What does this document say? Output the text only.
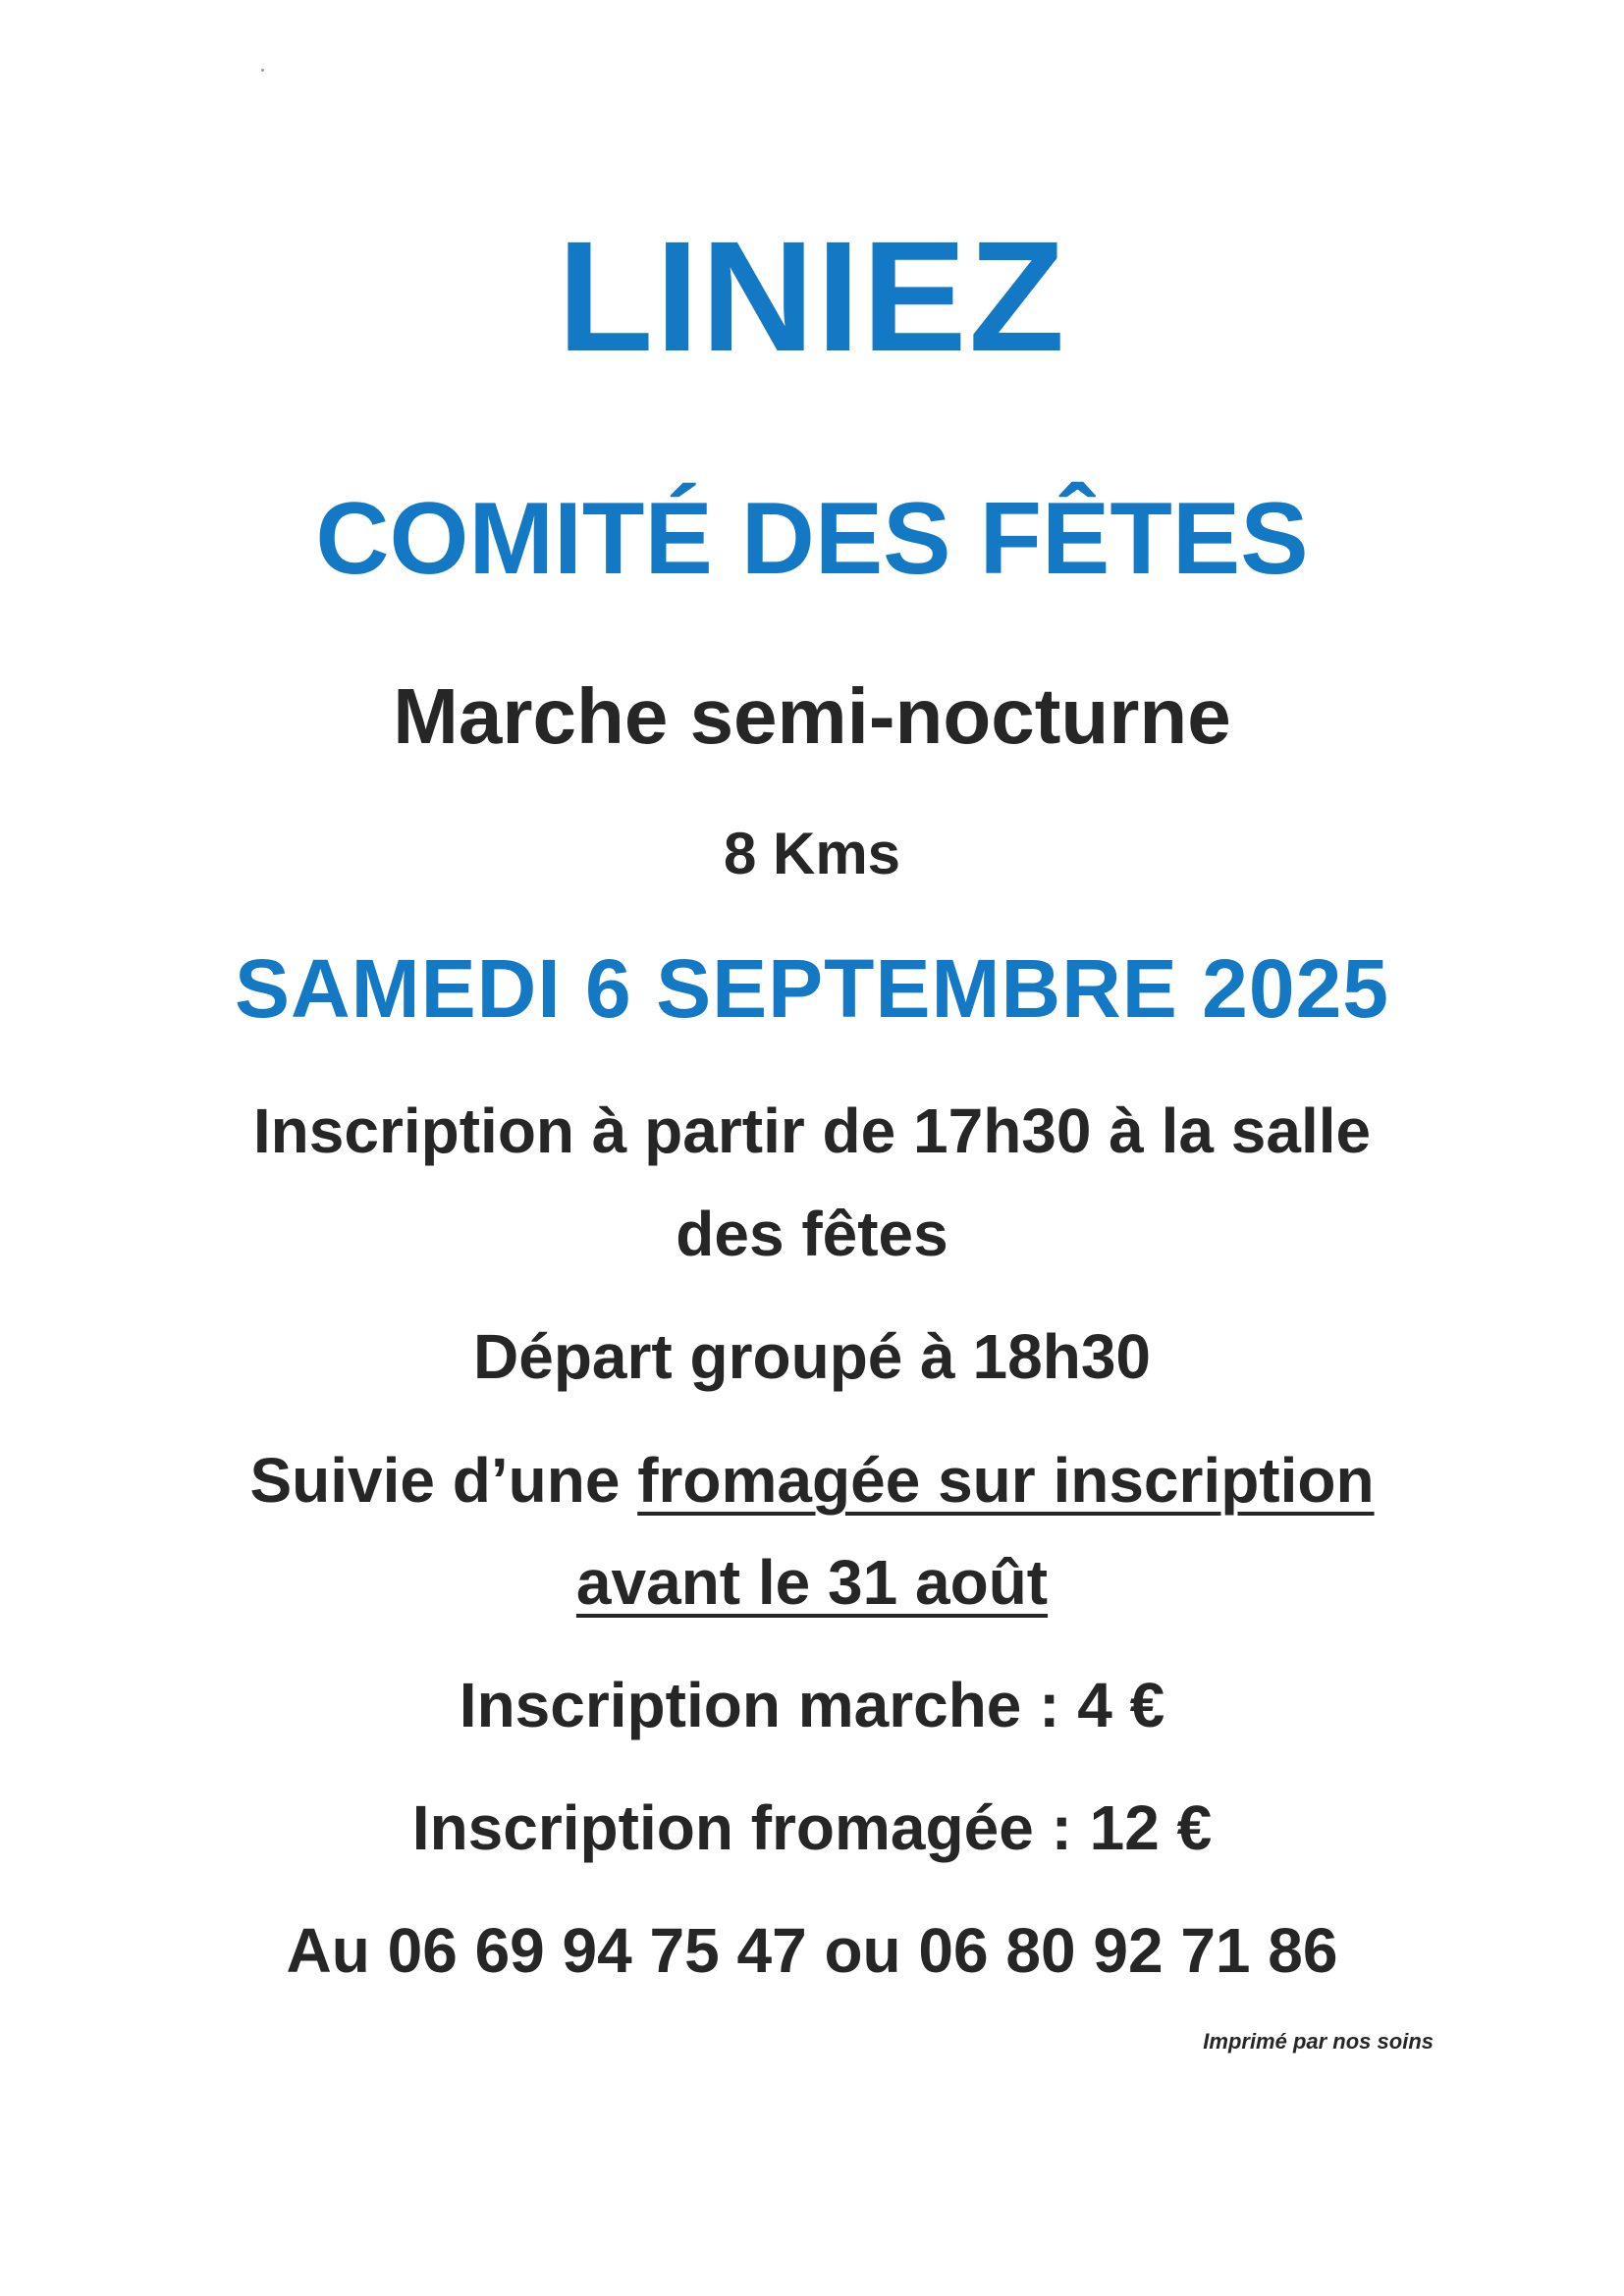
LINIEZ
COMITÉ DES FÊTES
Marche semi-nocturne
8 Kms
SAMEDI 6 SEPTEMBRE 2025
Inscription à partir de 17h30 à la salle
des fêtes
Départ groupé à 18h30
Suivie d’une fromagée sur inscription
avant le 31 août
Inscription marche : 4 €
Inscription fromagée : 12 €
Au 06 69 94 75 47 ou 06 80 92 71 86
Imprimé par nos soins
